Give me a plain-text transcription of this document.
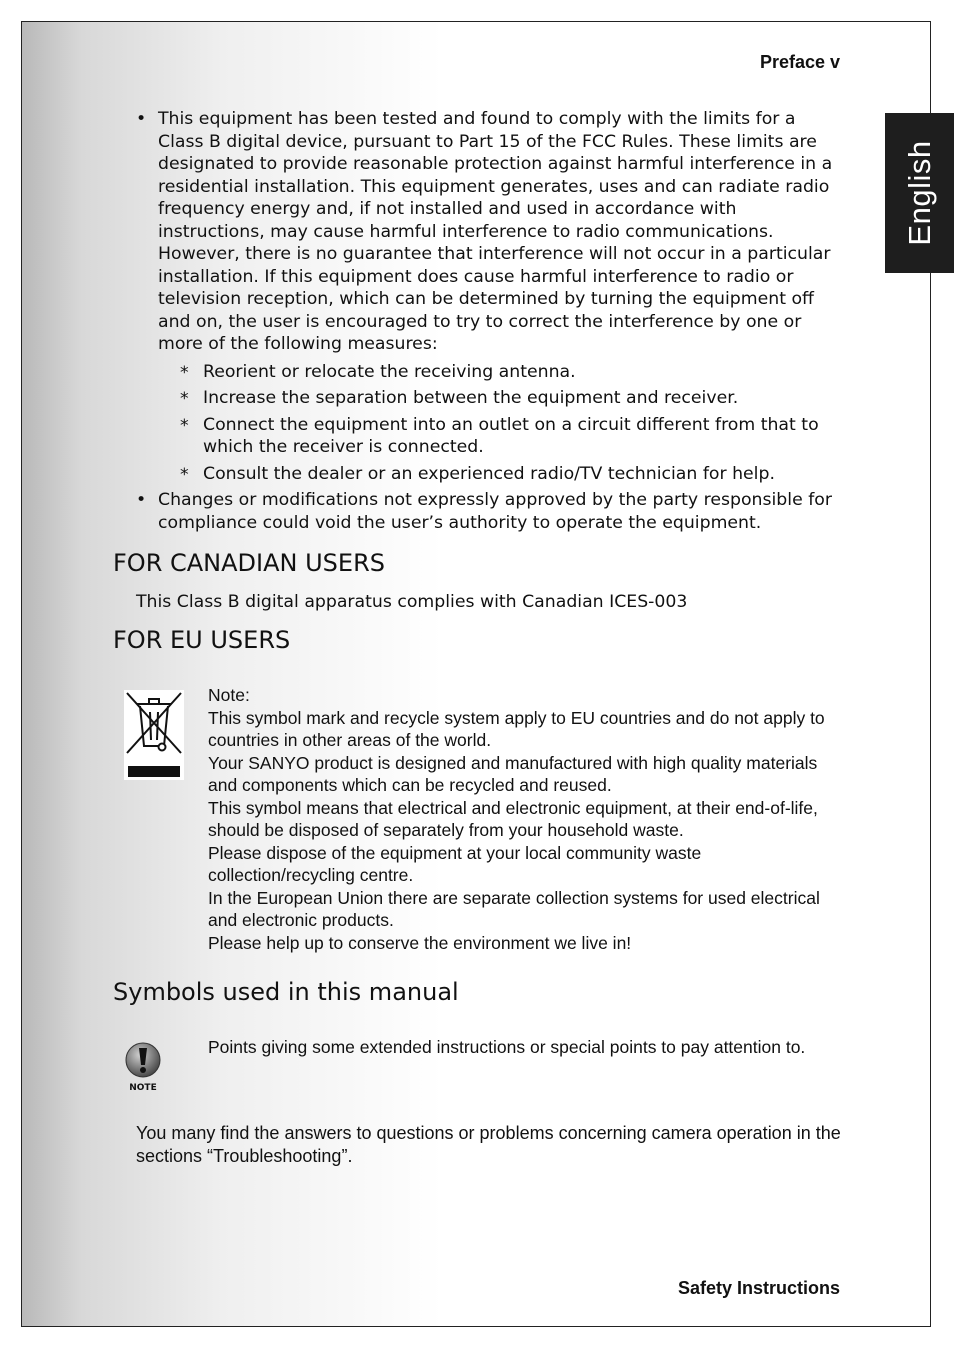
Preface v
English
• This equipment has been tested and found to comply with the limits for a Class B digital device, pursuant to Part 15 of the FCC Rules. These limits are designated to provide reasonable protection against harmful interference in a residential installation. This equipment generates, uses and can radiate radio frequency energy and, if not installed and used in accordance with instructions, may cause harmful interference to radio communications. However, there is no guarantee that interference will not occur in a particular installation. If this equipment does cause harmful interference to radio or television reception, which can be determined by turning the equipment off and on, the user is encouraged to try to correct the interference by one or more of the following measures:
* Reorient or relocate the receiving antenna.
* Increase the separation between the equipment and receiver.
* Connect the equipment into an outlet on a circuit different from that to which the receiver is connected.
* Consult the dealer or an experienced radio/TV technician for help.
• Changes or modifications not expressly approved by the party responsible for compliance could void the user’s authority to operate the equipment.
FOR CANADIAN USERS
This Class B digital apparatus complies with Canadian ICES-003
FOR EU USERS
Note:
This symbol mark and recycle system apply to EU countries and do not apply to countries in other areas of the world.
Your SANYO product is designed and manufactured with high quality materials and components which can be recycled and reused.
This symbol means that electrical and electronic equipment, at their end-of-life, should be disposed of separately from your household waste.
Please dispose of the equipment at your local community waste collection/recycling centre.
In the European Union there are separate collection systems for used electrical and electronic products.
Please help up to conserve the environment we live in!
Symbols used in this manual
NOTE
Points giving some extended instructions or special points to pay attention to.
You many find the answers to questions or problems concerning camera operation in the sections “Troubleshooting”.
Safety Instructions
